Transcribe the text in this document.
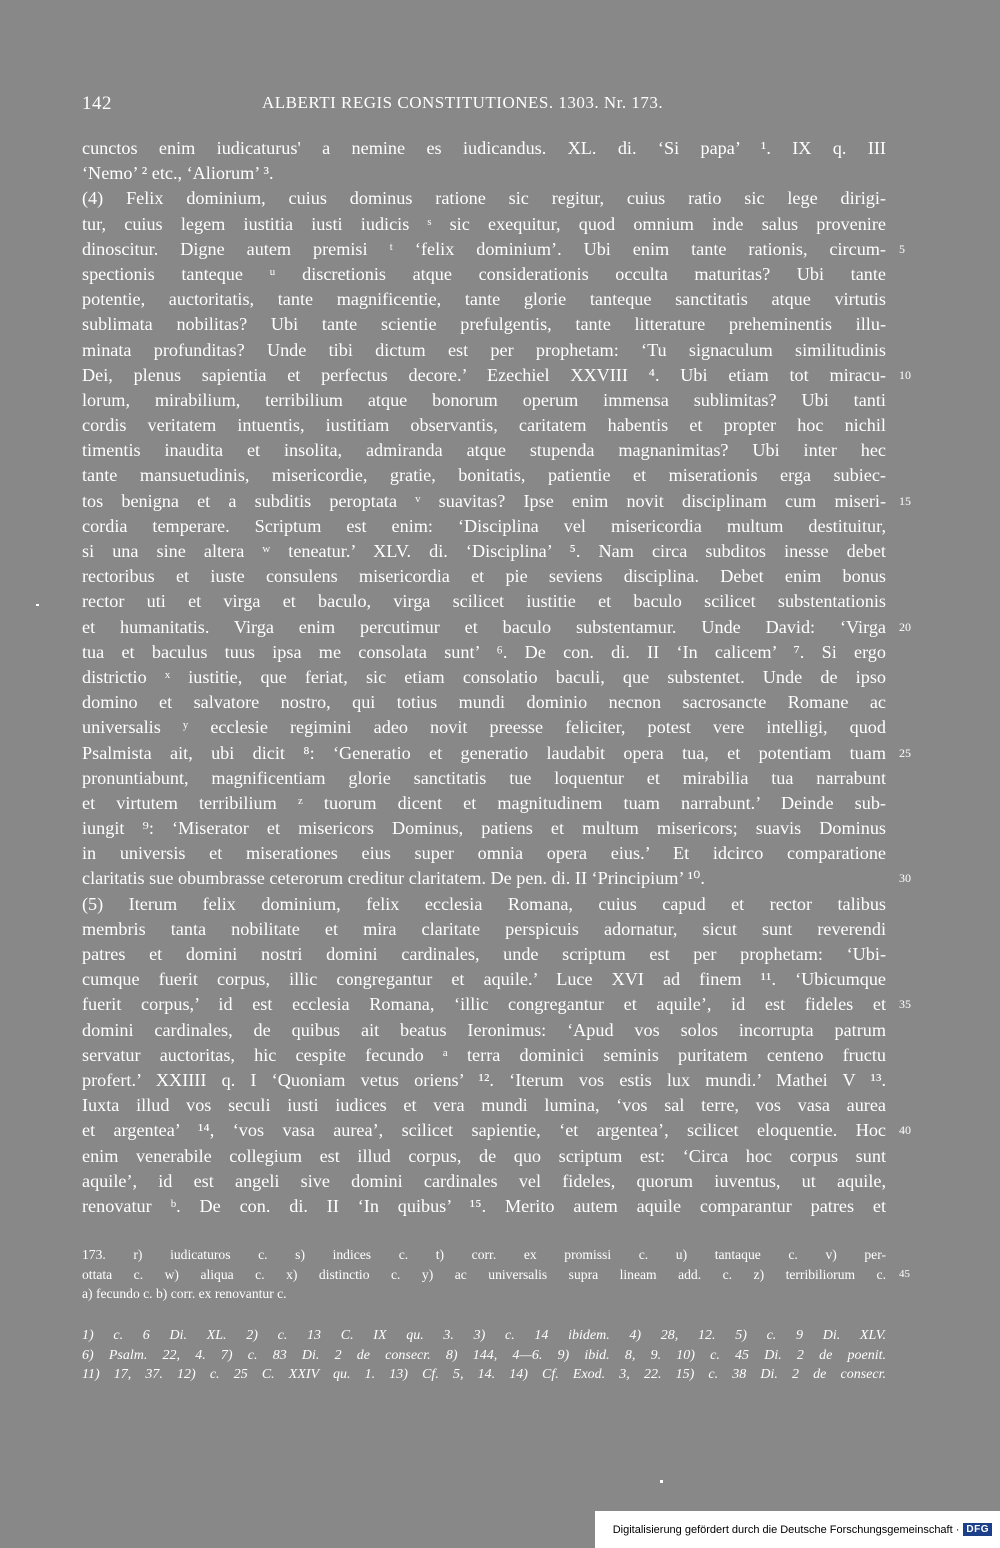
142	ALBERTI REGIS CONSTITUTIONES. 1303. Nr. 173.
cunctos enim iudicaturus' a nemine es iudicandus. XL. di. ‘Si papa’ ¹. IX q. III
‘Nemo’ ² etc., ‘Aliorum’ ³.
(4) Felix dominium, cuius dominus ratione sic regitur, cuius ratio sic lege dirigi-
tur, cuius legem iustitia iusti iudicis ˢ sic exequitur, quod omnium inde salus provenire
dinoscitur. Digne autem premisi ᵗ ‘felix dominium’. Ubi enim tante rationis, circum- 5
spectionis tanteque ᵘ discretionis atque considerationis occulta maturitas? Ubi tante
potentie, auctoritatis, tante magnificentie, tante glorie tanteque sanctitatis atque virtutis
sublimata nobilitas? Ubi tante scientie prefulgentis, tante litterature preheminentis illu-
minata profunditas? Unde tibi dictum est per prophetam: ‘Tu signaculum similitudinis
Dei, plenus sapientia et perfectus decore.’ Ezechiel XXVIII ⁴. Ubi etiam tot miracu- 10
lorum, mirabilium, terribilium atque bonorum operum immensa sublimitas? Ubi tanti
cordis veritatem intuentis, iustitiam observantis, caritatem habentis et propter hoc nichil
timentis inaudita et insolita, admiranda atque stupenda magnanimitas? Ubi inter hec
tante mansuetudinis, misericordie, gratie, bonitatis, patientie et miserationis erga subiec-
tos benigna et a subditis peroptata ᵛ suavitas? Ipse enim novit disciplinam cum miseri- 15
cordia temperare. Scriptum est enim: ‘Disciplina vel misericordia multum destituitur,
si una sine altera ʷ teneatur.’ XLV. di. ‘Disciplina’ ⁵. Nam circa subditos inesse debet
rectoribus et iuste consulens misericordia et pie seviens disciplina. Debet enim bonus
rector uti et virga et baculo, virga scilicet iustitie et baculo scilicet substentationis
et humanitatis. Virga enim percutimur et baculo substentamur. Unde David: ‘Virga 20
tua et baculus tuus ipsa me consolata sunt’ ⁶. De con. di. II ‘In calicem’ ⁷. Si ergo
districtio ˣ iustitie, que feriat, sic etiam consolatio baculi, que substentet. Unde de ipso
domino et salvatore nostro, qui totius mundi dominio necnon sacrosancte Romane ac
universalis ʸ ecclesie regimini adeo novit preesse feliciter, potest vere intelligi, quod
Psalmista ait, ubi dicit ⁸: ‘Generatio et generatio laudabit opera tua, et potentiam tuam 25
pronuntiabunt, magnificentiam glorie sanctitatis tue loquentur et mirabilia tua narrabunt
et virtutem terribilium ᶻ tuorum dicent et magnitudinem tuam narrabunt.’ Deinde sub-
iungit ⁹: ‘Miserator et misericors Dominus, patiens et multum misericors; suavis Dominus
in universis et miserationes eius super omnia opera eius.’ Et idcirco comparatione
claritatis sue obumbrasse ceterorum creditur claritatem. De pen. di. II ‘Principium’ ¹⁰.	30
(5) Iterum felix dominium, felix ecclesia Romana, cuius capud et rector talibus
membris tanta nobilitate et mira claritate perspicuis adornatur, sicut sunt reverendi
patres et domini nostri domini cardinales, unde scriptum est per prophetam: ‘Ubi-
cumque fuerit corpus, illic congregantur et aquile.’ Luce XVI ad finem ¹¹. ‘Ubicumque
fuerit corpus,’ id est ecclesia Romana, ‘illic congregantur et aquile’, id est fideles et 35
domini cardinales, de quibus ait beatus Ieronimus: ‘Apud vos solos incorrupta patrum
servatur auctoritas, hic cespite fecundo ᵃ terra dominici seminis puritatem centeno fructu
profert.’ XXIIII q. I ‘Quoniam vetus oriens’ ¹². ‘Iterum vos estis lux mundi.’ Mathei V ¹³.
Iuxta illud vos seculi iusti iudices et vera mundi lumina, ‘vos sal terre, vos vasa aurea
et argentea’ ¹⁴, ‘vos vasa aurea’, scilicet sapientie, ‘et argentea’, scilicet eloquentie. Hoc 40
enim venerabile collegium est illud corpus, de quo scriptum est: ‘Circa hoc corpus sunt
aquile’, id est angeli sive domini cardinales vel fideles, quorum iuventus, ut aquile,
renovatur ᵇ. De con. di. II ‘In quibus’ ¹⁵. Merito autem aquile comparantur patres et
173. r) iudicaturos c. s) indices c. t) corr. ex promissi c. u) tantaque c. v) per-
ottata c. w) aliqua c. x) distinctio c. y) ac universalis supra lineam add. c. z) terribiliorum c. 45
a) fecundo c. b) corr. ex renovantur c.
1) c. 6 Di. XL. 2) c. 13 C. IX qu. 3. 3) c. 14 ibidem. 4) 28, 12. 5) c. 9 Di. XLV.
6) Psalm. 22, 4. 7) c. 83 Di. 2 de consecr. 8) 144, 4—6. 9) ibid. 8, 9. 10) c. 45 Di. 2 de poenit.
11) 17, 37. 12) c. 25 C. XXIV qu. 1. 13) Cf. 5, 14. 14) Cf. Exod. 3, 22. 15) c. 38 Di. 2 de consecr.
Digitalisierung gefördert durch die Deutsche Forschungsgemeinschaft · DFG
